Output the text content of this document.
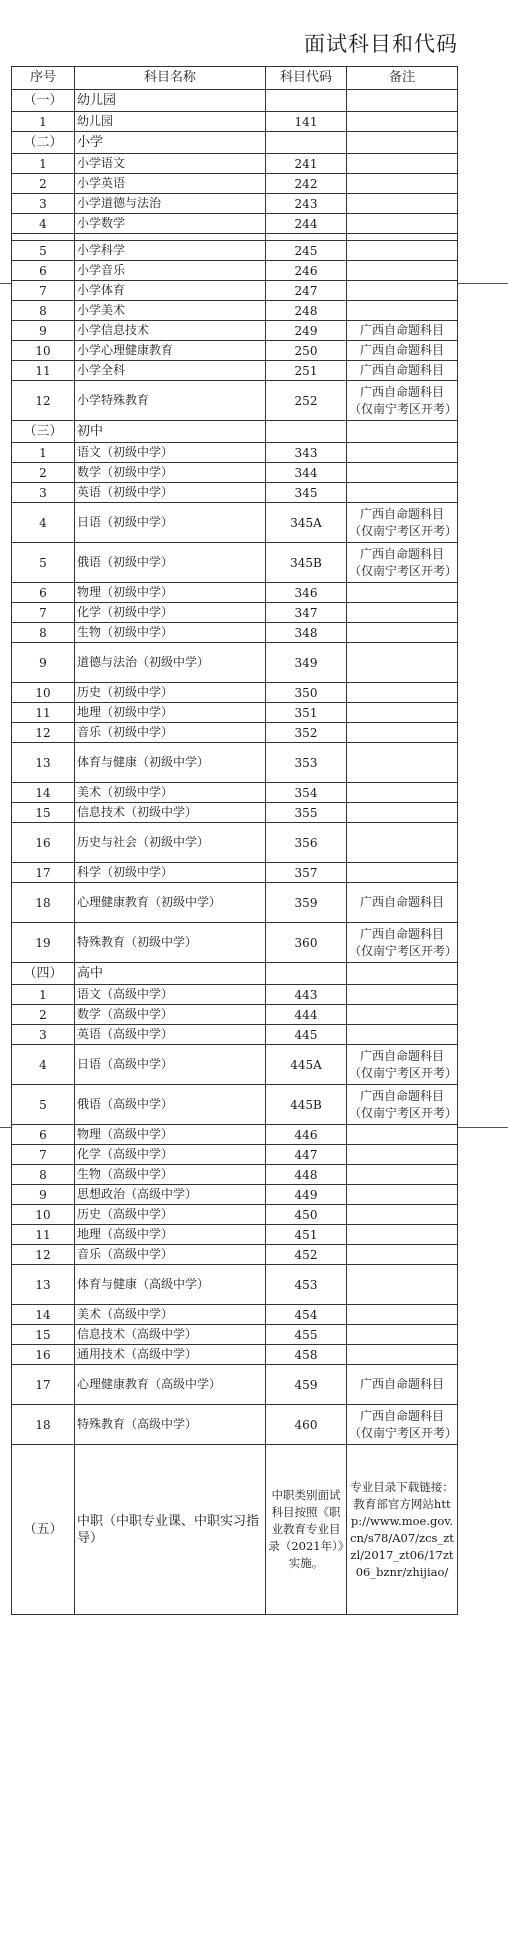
面试科目和代码
序号	科目名称	科目代码	备注
（一）	幼儿园		
1	幼儿园	141	
（二）	小学		
1	小学语文	241	
2	小学英语	242	
3	小学道德与法治	243	
4	小学数学	244	

5	小学科学	245	
6	小学音乐	246	
7	小学体育	247	
8	小学美术	248	
9	小学信息技术	249	广西自命题科目
10	小学心理健康教育	250	广西自命题科目
11	小学全科	251	广西自命题科目
12	小学特殊教育	252	广西自命题科目（仅南宁考区开考）
（三）	初中		
1	语文（初级中学）	343	
2	数学（初级中学）	344	
3	英语（初级中学）	345	
4	日语（初级中学）	345A	广西自命题科目（仅南宁考区开考）
5	俄语（初级中学）	345B	广西自命题科目（仅南宁考区开考）
6	物理（初级中学）	346	
7	化学（初级中学）	347	
8	生物（初级中学）	348	
9	道德与法治（初级中学）	349	
10	历史（初级中学）	350	
11	地理（初级中学）	351	
12	音乐（初级中学）	352	
13	体育与健康（初级中学）	353	
14	美术（初级中学）	354	
15	信息技术（初级中学）	355	
16	历史与社会（初级中学）	356	
17	科学（初级中学）	357	
18	心理健康教育（初级中学）	359	广西自命题科目
19	特殊教育（初级中学）	360	广西自命题科目（仅南宁考区开考）
（四）	高中		
1	语文（高级中学）	443	
2	数学（高级中学）	444	
3	英语（高级中学）	445	
4	日语（高级中学）	445A	广西自命题科目（仅南宁考区开考）
5	俄语（高级中学）	445B	广西自命题科目（仅南宁考区开考）
6	物理（高级中学）	446	
7	化学（高级中学）	447	
8	生物（高级中学）	448	
9	思想政治（高级中学）	449	
10	历史（高级中学）	450	
11	地理（高级中学）	451	
12	音乐（高级中学）	452	
13	体育与健康（高级中学）	453	
14	美术（高级中学）	454	
15	信息技术（高级中学）	455	
16	通用技术（高级中学）	458	
17	心理健康教育（高级中学）	459	广西自命题科目
18	特殊教育（高级中学）	460	广西自命题科目（仅南宁考区开考）
（五）	中职（中职专业课、中职实习指导）	中职类别面试科目按照《职业教育专业目录（2021年）》实施。	专业目录下载链接：教育部官方网站http://www.moe.gov.cn/s78/A07/zcs_ztzl/2017_zt06/17zt06_bznr/zhijiao/
